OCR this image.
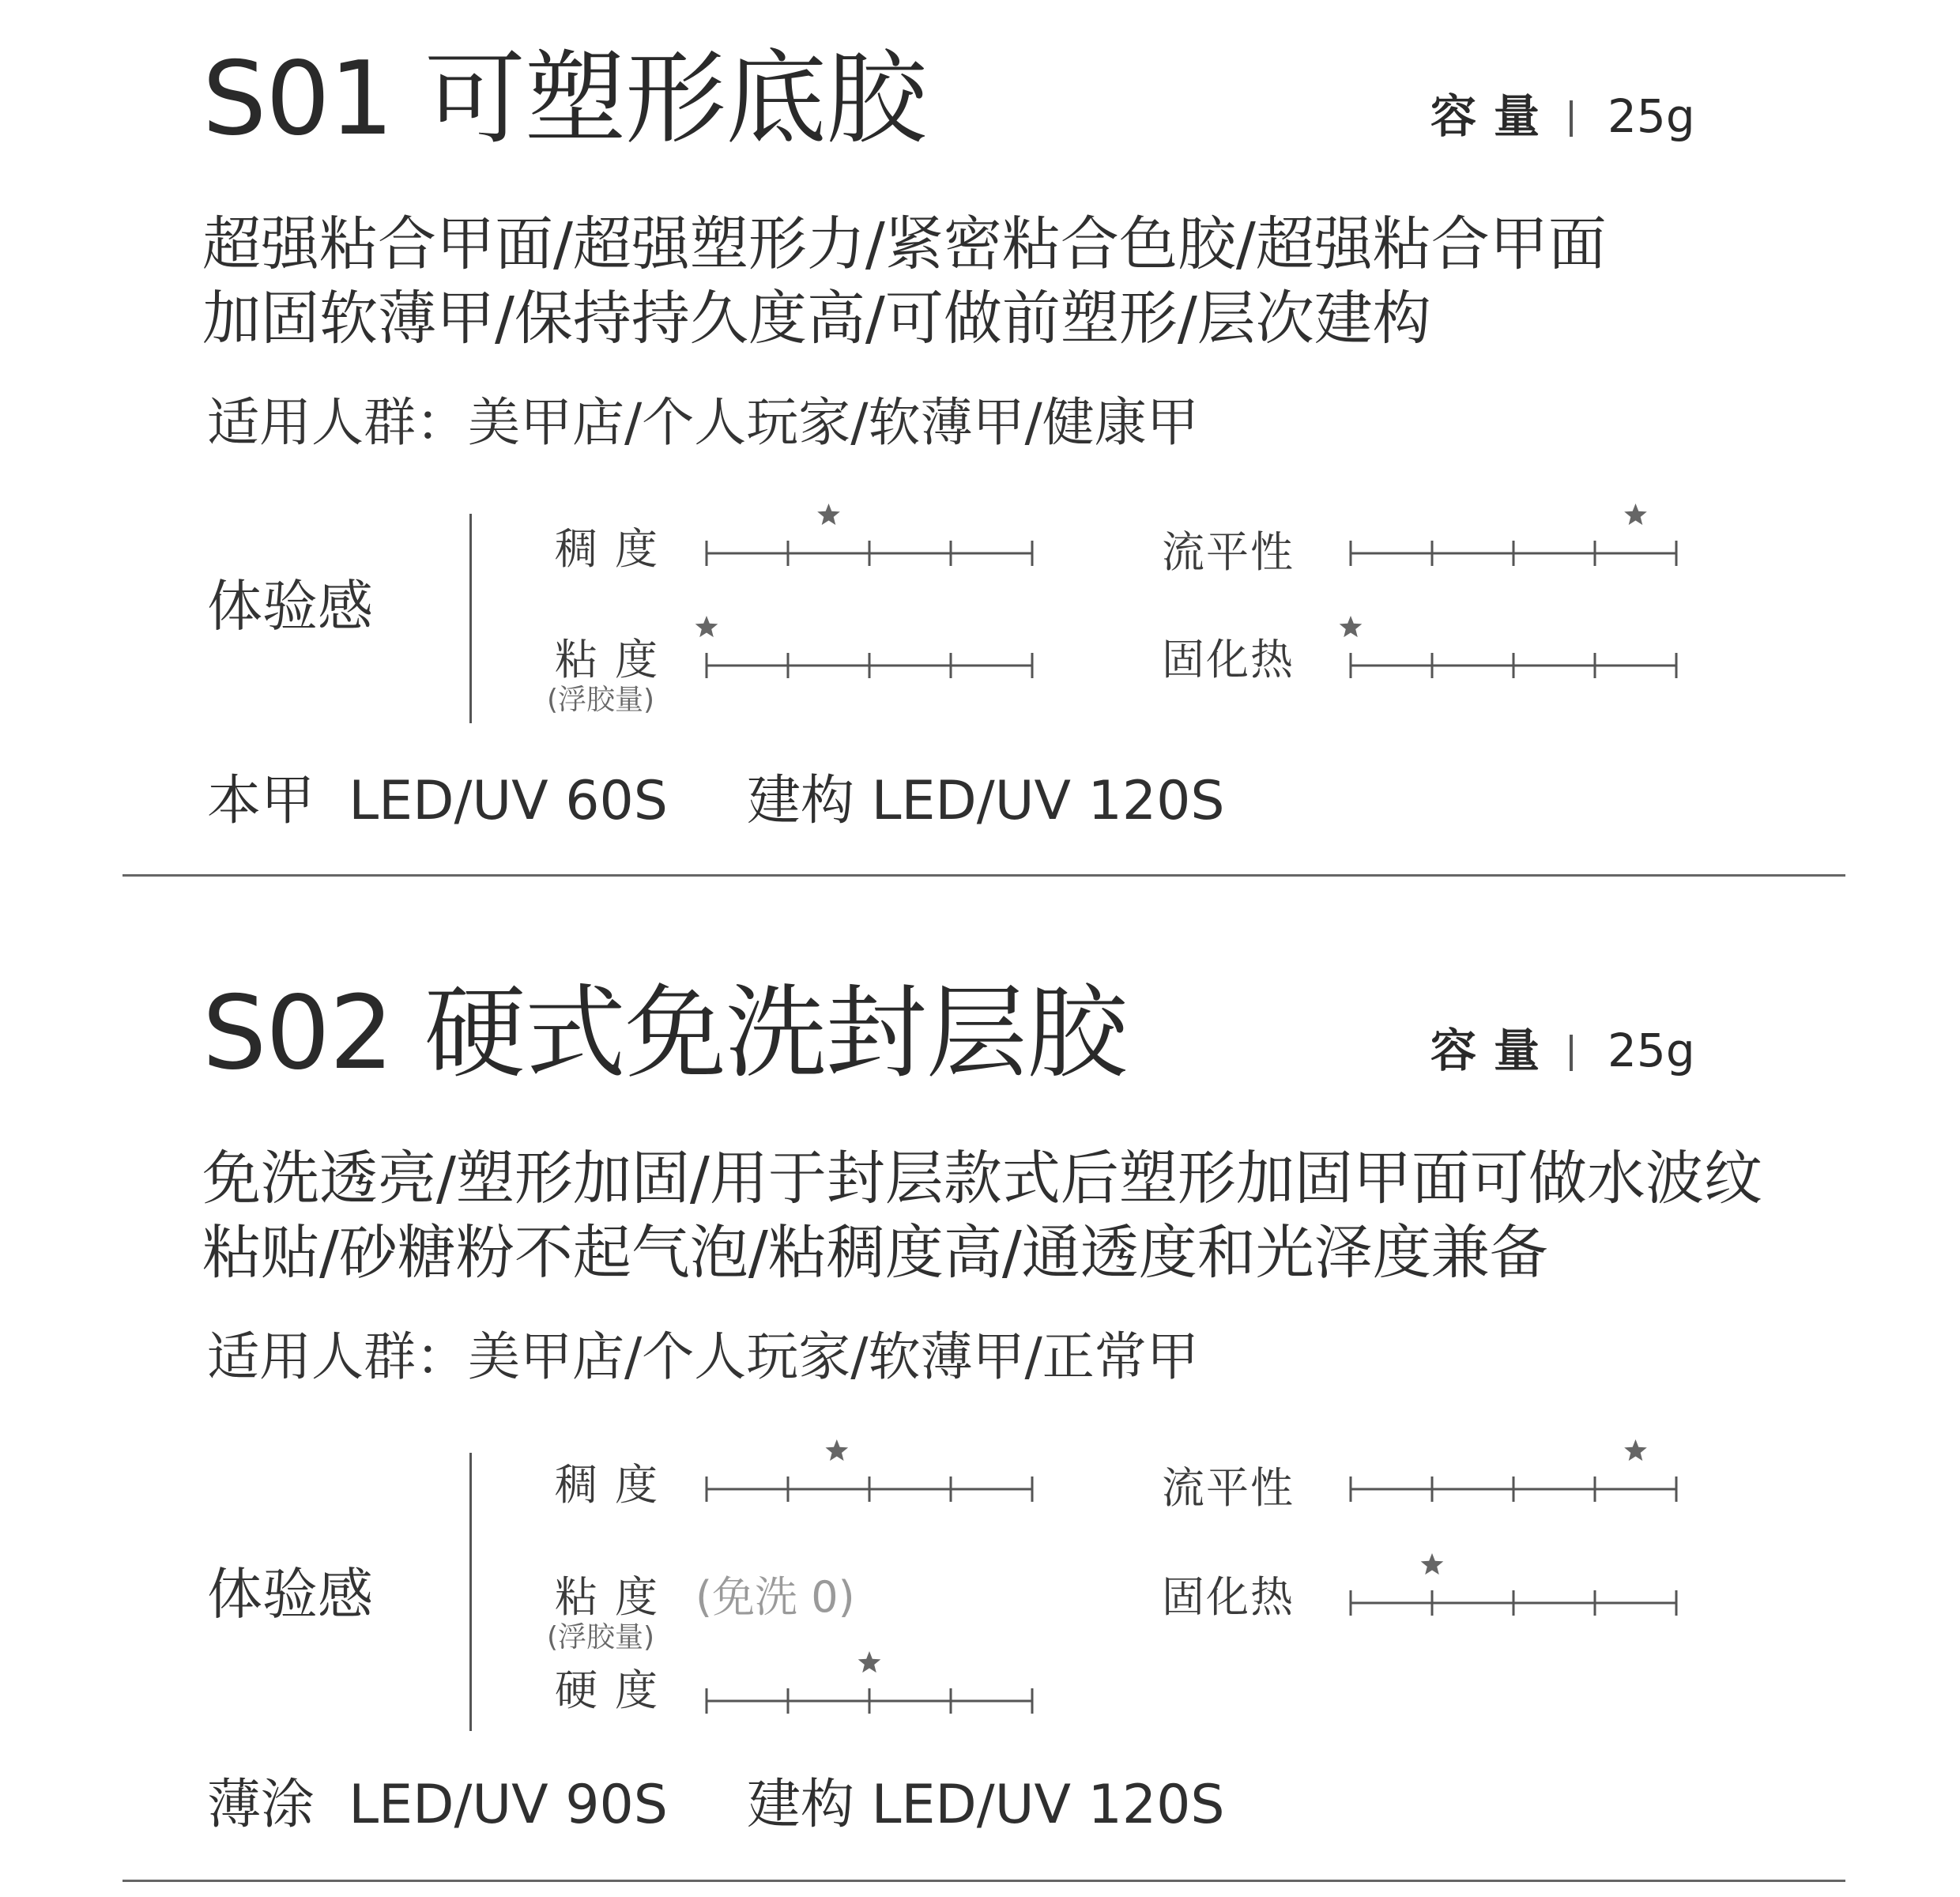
S01 可塑形底胶	容量 25g
超强粘合甲面/超强塑形力/紧密粘合色胶/超强粘合甲面
加固软薄甲/保持持久度高/可做前塑形/层次建构
适用人群：美甲店/个人玩家/软薄甲/健康甲
体验感
稠度	流平性
粘度
(浮胶量)
固化热
本甲  LED/UV 60S 建构 LED/UV 120S
S02 硬式免洗封层胶	容量 25g
免洗透亮/塑形加固/用于封层款式后塑形加固甲面可做水波纹
粘贴/砂糖粉不起气泡/粘稠度高/通透度和光泽度兼备
适用人群：美甲店/个人玩家/软薄甲/正常甲
体验感
稠度	流平性
粘度 (免洗 0)
(浮胶量)
固化热
硬度
薄涂  LED/UV 90S 建构 LED/UV 120S
